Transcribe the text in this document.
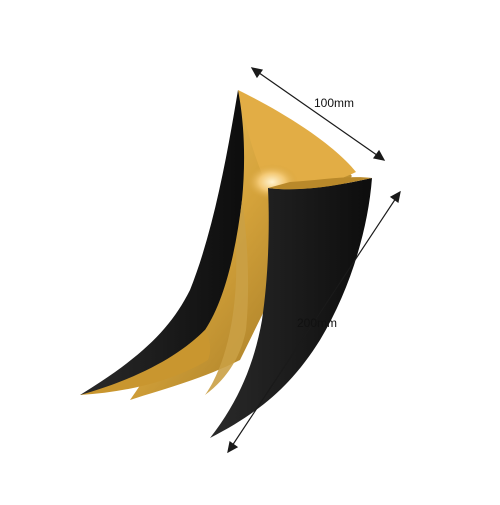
100mm
200mm
